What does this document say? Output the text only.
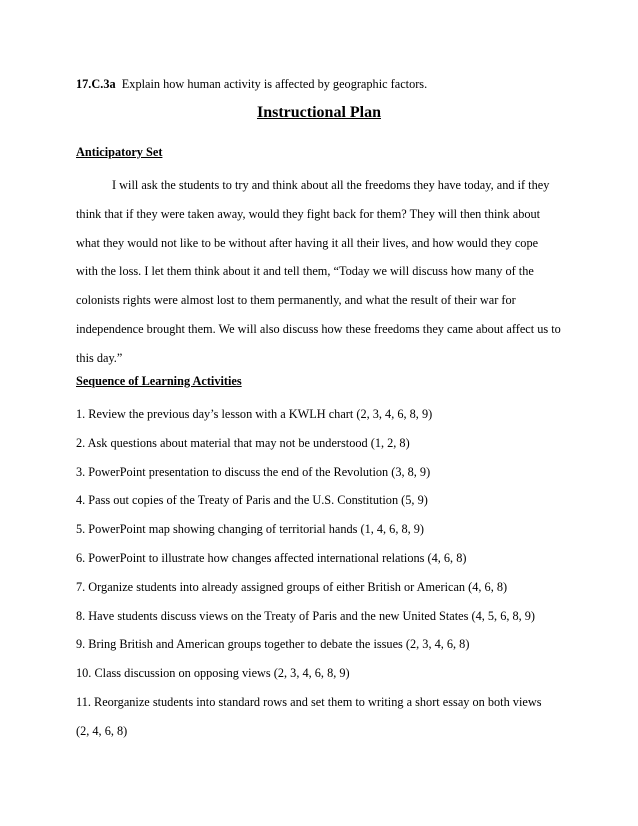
17.C.3a Explain how human activity is affected by geographic factors.
Instructional Plan
Anticipatory Set
I will ask the students to try and think about all the freedoms they have today, and if they think that if they were taken away, would they fight back for them? They will then think about what they would not like to be without after having it all their lives, and how would they cope with the loss. I let them think about it and tell them, “Today we will discuss how many of the colonists rights were almost lost to them permanently, and what the result of their war for independence brought them. We will also discuss how these freedoms they came about affect us to this day.”
Sequence of Learning Activities
1. Review the previous day’s lesson with a KWLH chart (2, 3, 4, 6, 8, 9)
2. Ask questions about material that may not be understood (1, 2, 8)
3. PowerPoint presentation to discuss the end of the Revolution (3, 8, 9)
4. Pass out copies of the Treaty of Paris and the U.S. Constitution (5, 9)
5. PowerPoint map showing changing of territorial hands (1, 4, 6, 8, 9)
6. PowerPoint to illustrate how changes affected international relations (4, 6, 8)
7. Organize students into already assigned groups of either British or American (4, 6, 8)
8. Have students discuss views on the Treaty of Paris and the new United States (4, 5, 6, 8, 9)
9. Bring British and American groups together to debate the issues (2, 3, 4, 6, 8)
10. Class discussion on opposing views (2, 3, 4, 6, 8, 9)
11. Reorganize students into standard rows and set them to writing a short essay on both views
(2, 4, 6, 8)
